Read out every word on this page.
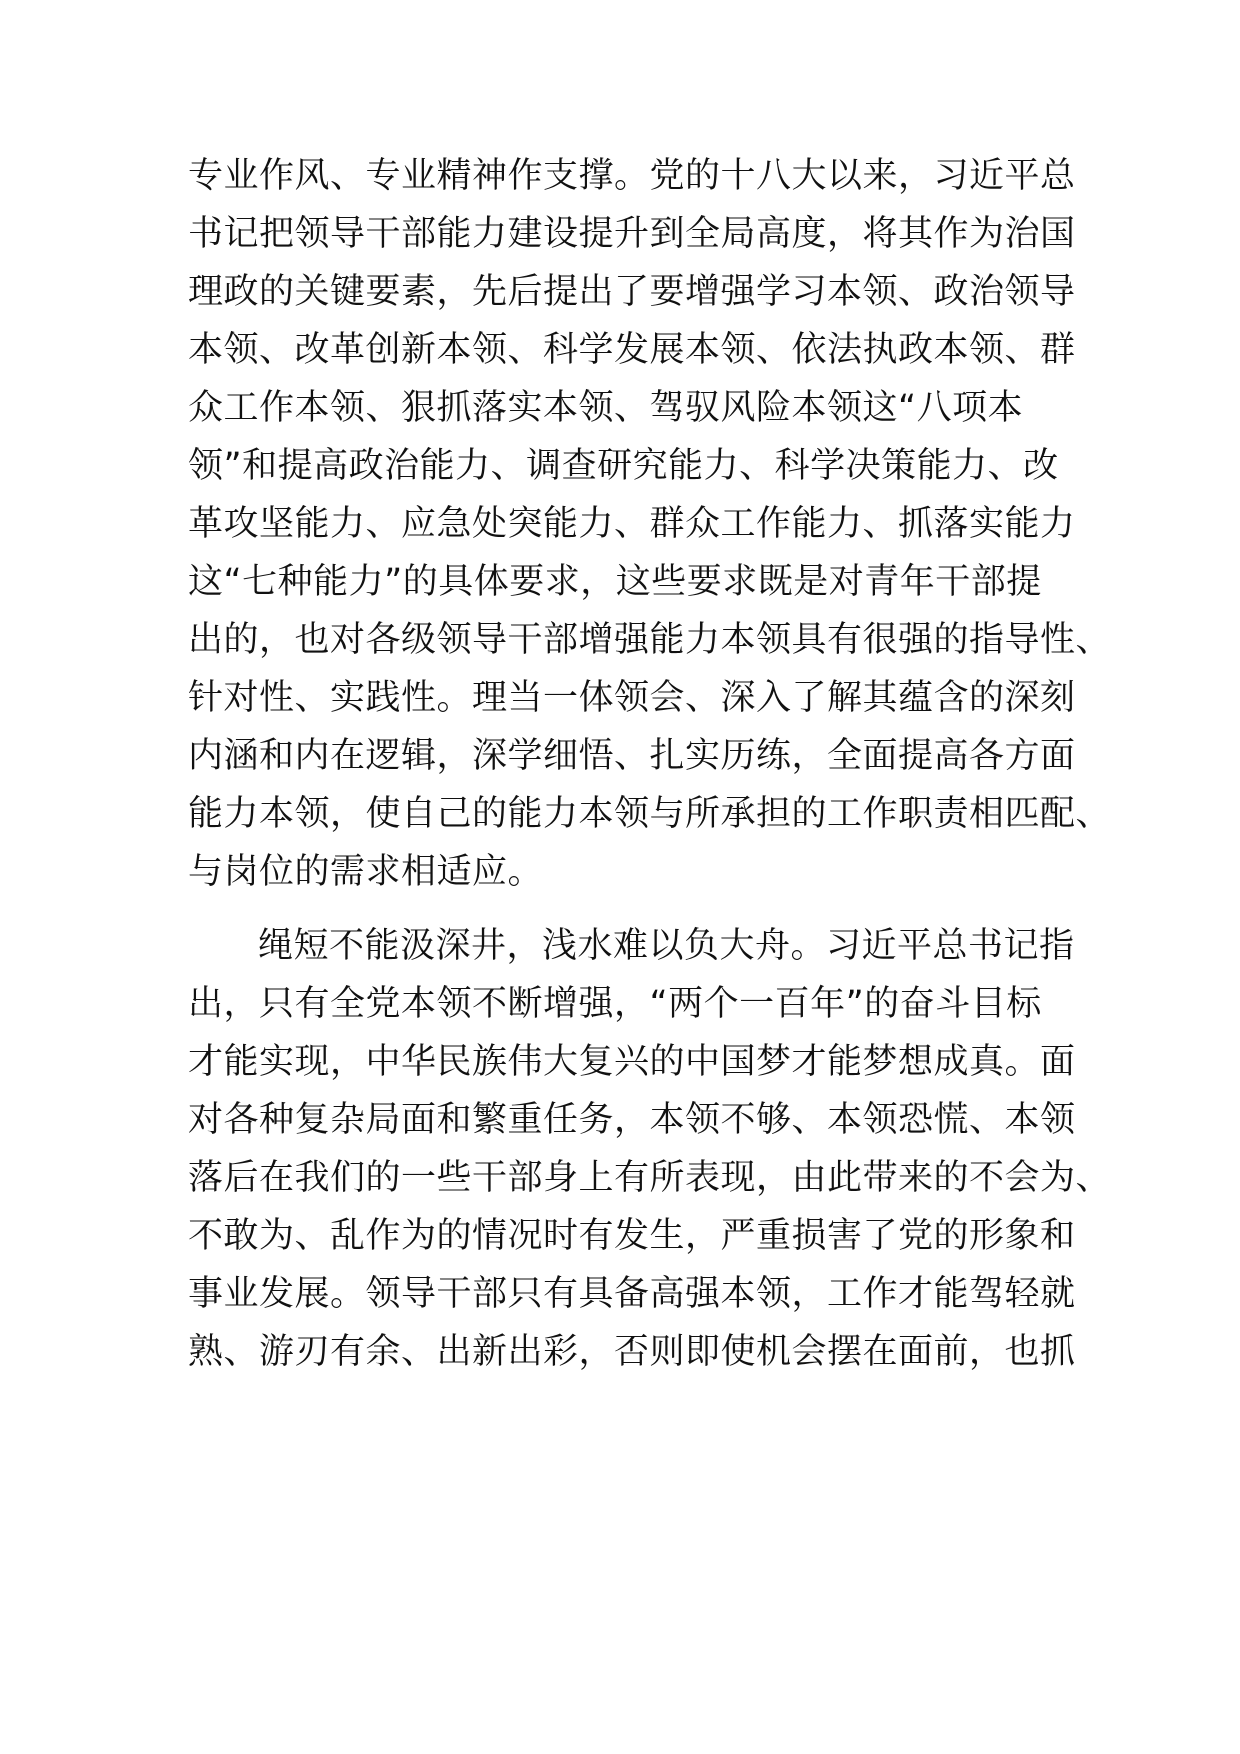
专业作风、专业精神作支撑。党的十八大以来，习近平总
书记把领导干部能力建设提升到全局高度，将其作为治国
理政的关键要素，先后提出了要增强学习本领、政治领导
本领、改革创新本领、科学发展本领、依法执政本领、群
众工作本领、狠抓落实本领、驾驭风险本领这“八项本
领”和提高政治能力、调查研究能力、科学决策能力、改
革攻坚能力、应急处突能力、群众工作能力、抓落实能力
这“七种能力”的具体要求，这些要求既是对青年干部提
出的，也对各级领导干部增强能力本领具有很强的指导性、
针对性、实践性。理当一体领会、深入了解其蕴含的深刻
内涵和内在逻辑，深学细悟、扎实历练，全面提高各方面
能力本领，使自己的能力本领与所承担的工作职责相匹配、
与岗位的需求相适应。
绳短不能汲深井，浅水难以负大舟。习近平总书记指
出，只有全党本领不断增强，“两个一百年”的奋斗目标
才能实现，中华民族伟大复兴的中国梦才能梦想成真。面
对各种复杂局面和繁重任务，本领不够、本领恐慌、本领
落后在我们的一些干部身上有所表现，由此带来的不会为、
不敢为、乱作为的情况时有发生，严重损害了党的形象和
事业发展。领导干部只有具备高强本领，工作才能驾轻就
熟、游刃有余、出新出彩，否则即使机会摆在面前，也抓
